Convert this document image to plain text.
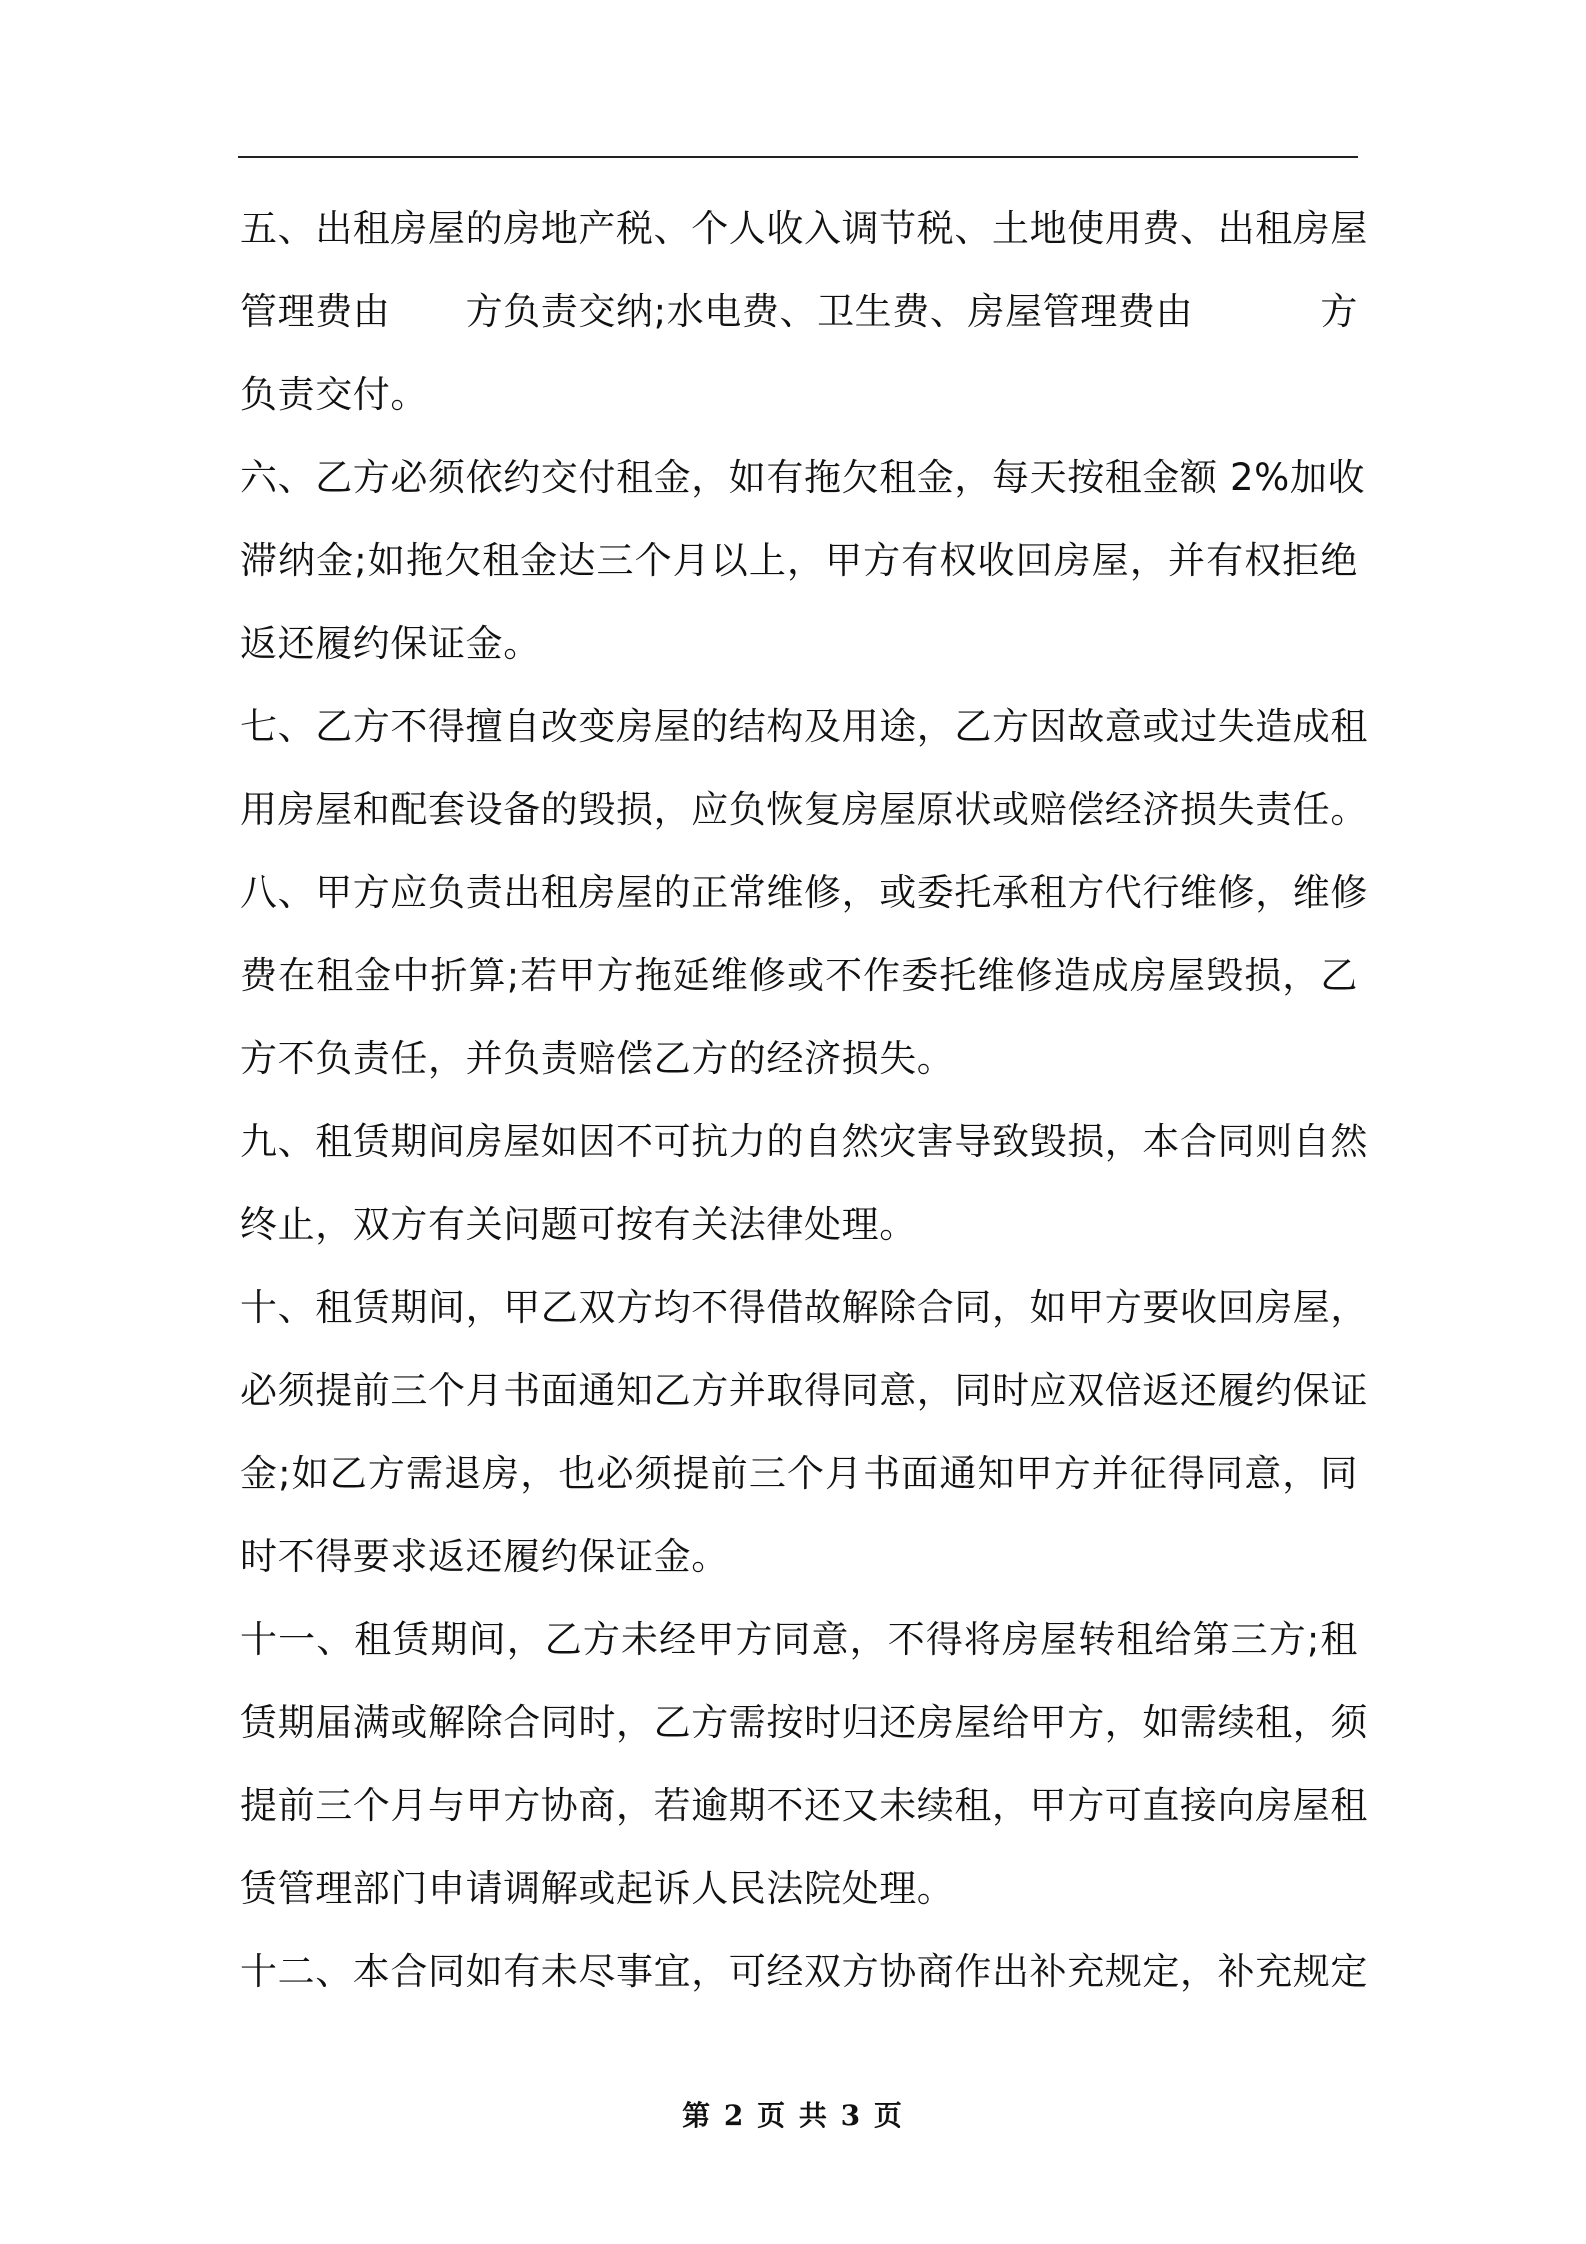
五、出租房屋的房地产税、个人收入调节税、土地使用费、出租房屋
管理费由　　方负责交纳;水电费、卫生费、房屋管理费由	方
负责交付。
六、乙方必须依约交付租金，如有拖欠租金，每天按租金额 2%加收
滞纳金;如拖欠租金达三个月以上，甲方有权收回房屋，并有权拒绝
返还履约保证金。
七、乙方不得擅自改变房屋的结构及用途，乙方因故意或过失造成租
用房屋和配套设备的毁损，应负恢复房屋原状或赔偿经济损失责任。
八、甲方应负责出租房屋的正常维修，或委托承租方代行维修，维修
费在租金中折算;若甲方拖延维修或不作委托维修造成房屋毁损，乙
方不负责任，并负责赔偿乙方的经济损失。
九、租赁期间房屋如因不可抗力的自然灾害导致毁损，本合同则自然
终止，双方有关问题可按有关法律处理。
十、租赁期间，甲乙双方均不得借故解除合同，如甲方要收回房屋，
必须提前三个月书面通知乙方并取得同意，同时应双倍返还履约保证
金;如乙方需退房，也必须提前三个月书面通知甲方并征得同意，同
时不得要求返还履约保证金。
十一、租赁期间，乙方未经甲方同意，不得将房屋转租给第三方;租
赁期届满或解除合同时，乙方需按时归还房屋给甲方，如需续租，须
提前三个月与甲方协商，若逾期不还又未续租，甲方可直接向房屋租
赁管理部门申请调解或起诉人民法院处理。
十二、本合同如有未尽事宜，可经双方协商作出补充规定，补充规定
第 2 页 共 3 页
